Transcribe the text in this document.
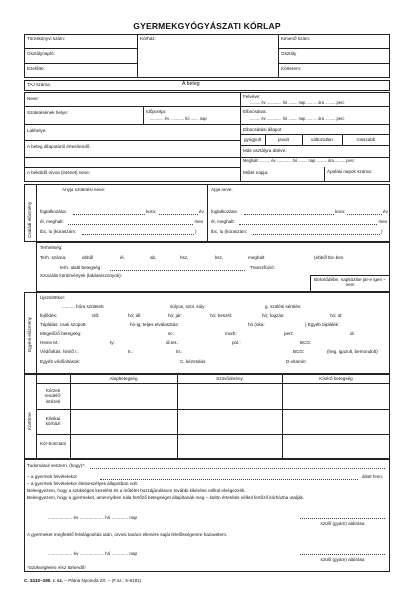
GYERMEKGYÓGYÁSZATI KÓRLAP
Törzskönyvi szám:	Kórház:	Kimenő szám:
Osztálynapló:	Osztály
Ezelőtte:	Kórterem:
TAJ száma:	A beteg
Neve:	Felvéve:
......... év ............. hó ........ nap ......... óra ......... perc
Születésének helye:	Időpontja:
............ év ............ hó ....... nap
Elbocsátva:
......... év ............. hó ........ nap ......... óra ......... perc
Lakhelye:	Elbocsátási állapot
gyógyult	javult	változatlan	rosszabb
A beteg állapotáról értesítendő:
Más osztályra áttéve:
Meghalt: ......... év ............. hó ........ nap ......... óra ......... perc
A beküldő orvos (intézet) neve:	Műtét napja:	Ápolási napok száma:
Családi előzmény
Anyja születési neve:	Apja neve:
foglalkozása:	kora:	év
él, meghalt:	-ben
tbc, lu (kúraszám:	)
foglalkozása:	kora:	év
él, meghalt:	-ben
tbc, lu (kúraszám:	)
Terheltség:
Terh. száma:	ebből	él,	ab,	hsz,	ksz,	meghalt	(ebből tbc-ben
terh. alatti betegség:	Transzfúzió:
Szociális körülmények (lakásviszonyok):
Bölcsődébe, napközibe jár-e igen –nem
Egyéni előzmény
Újszülöttkor:
.......... hóra született	súlyos, szül. súly:	g. szülési sérülés:
fejlődés:	ülő:	hó; áll:	hó; jár:	hó; beszél:	hó; fogzás:	hó; ül:
Táplálás: csak szopott:	hó-ig; teljes elválasztás:	hó (oka:	) Egyéb táplálék:
Megelőző betegség:	sc:	morb:	pert:	di:
Heine M.:	ty:	di.tet.:	pol.:	BCG:
(heg. igazolt, bemondott)
Védőoltás: himlő I.:	II.:	III.:	BCG:
Egyéb védőoltások:	C. kézetolás	D-vitamin:
Kórtörne
Alapbetegség	Szövődmény	Kísérő betegség
Kórzeti rendelő-intézeti
Klinikai kórházi
Kór-bonctani
Tudomásul veszem, (hogy)*:
– a gyermek felvételekor	állott fenn,
– a gyermek felvételekor életveszélyes állapotban volt.
Beleegyezem, hogy a szükséges kezelést és a műtétet hozzájárulásom további kikérése nélkül elvégezzék.
Beleegyezem, hogy a gyermeket, amennyiben nála fertőző betegséget állapítanak meg – külön értesítés nélkül fertőző kórházba utalják.
................... év ................... hó ............. nap
szülő (gyám) aláírása
A gyermeket megfelelő felvilágosítás után, orvosi tanács ellenére saját felelősségemre hazavittem.
................... év ................... hó ............. nap
szülő (gyám) aláírása
*Szükségtelen rész törlendő!
C. 3410–280. r. sz. – Pátria Nyomda Zrt. – (F.sz.: 5-8181)
